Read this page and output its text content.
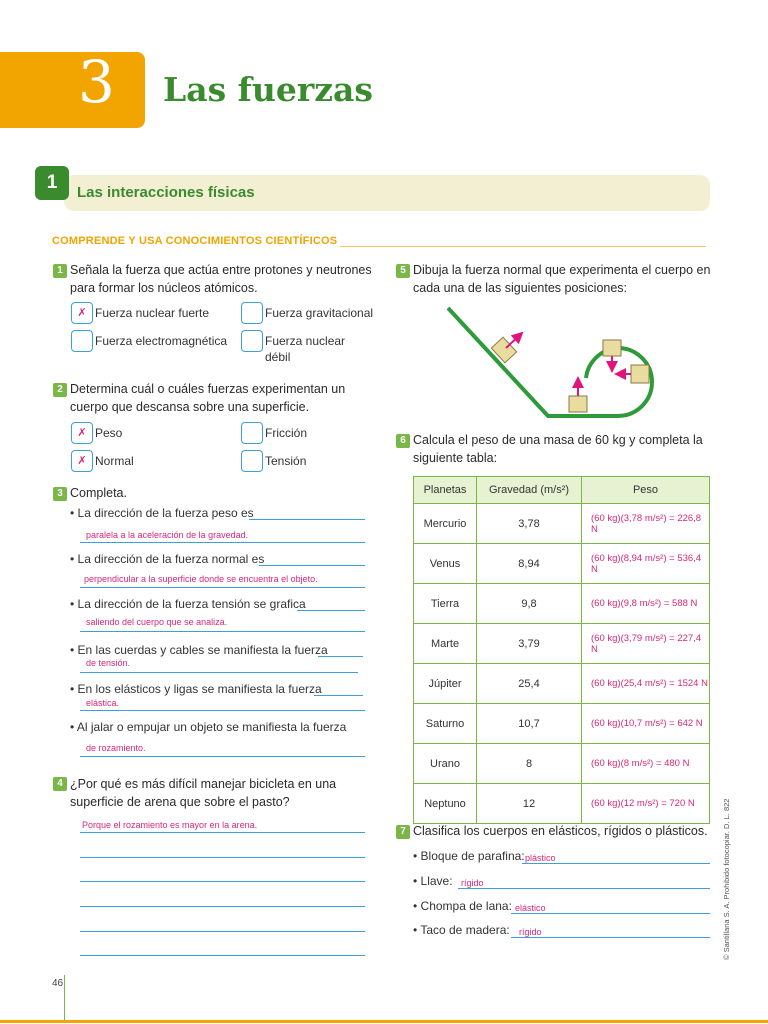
3 Las fuerzas
1	Las interacciones físicas
COMPRENDE Y USA CONOCIMIENTOS CIENTÍFICOS
1 Señala la fuerza que actúa entre protones y neutrones
para formar los núcleos atómicos.
✗ Fuerza nuclear fuerte	Fuerza gravitacional
Fuerza electromagnética	Fuerza nuclear
débil
2 Determina cuál o cuáles fuerzas experimentan un
cuerpo que descansa sobre una superficie.
✗ Peso	Fricción
✗ Normal	Tensión
3 Completa.
• La dirección de la fuerza peso es
paralela a la aceleración de la gravedad.
• La dirección de la fuerza normal es
perpendicular a la superficie donde se encuentra el objeto.
• La dirección de la fuerza tensión se grafica
saliendo del cuerpo que se analiza.
• En las cuerdas y cables se manifiesta la fuerza
de tensión.
• En los elásticos y ligas se manifiesta la fuerza
elástica.
• Al jalar o empujar un objeto se manifiesta la fuerza
de rozamiento.
4 ¿Por qué es más difícil manejar bicicleta en una
superficie de arena que sobre el pasto?
Porque el rozamiento es mayor en la arena.
5 Dibuja la fuerza normal que experimenta el cuerpo en
cada una de las siguientes posiciones:
6 Calcula el peso de una masa de 60 kg y completa la
siguiente tabla:
Planetas	Gravedad (m/s²)	Peso
Mercurio	3,78	(60 kg)(3,78 m/s²) = 226,8 N
Venus	8,94	(60 kg)(8,94 m/s²) = 536,4 N
Tierra	9,8	(60 kg)(9,8 m/s²) = 588 N
Marte	3,79	(60 kg)(3,79 m/s²) = 227,4 N
Júpiter	25,4	(60 kg)(25,4 m/s²) = 1524 N
Saturno	10,7	(60 kg)(10,7 m/s²) = 642 N
Urano	8	(60 kg)(8 m/s²) = 480 N
Neptuno	12	(60 kg)(12 m/s²) = 720 N
7 Clasifica los cuerpos en elásticos, rígidos o plásticos.
• Bloque de parafina: plástico
• Llave: rígido
• Chompa de lana: elástico
• Taco de madera: rígido	© Santillana S. A. Prohibido fotocopiar. D. L. 822
46
